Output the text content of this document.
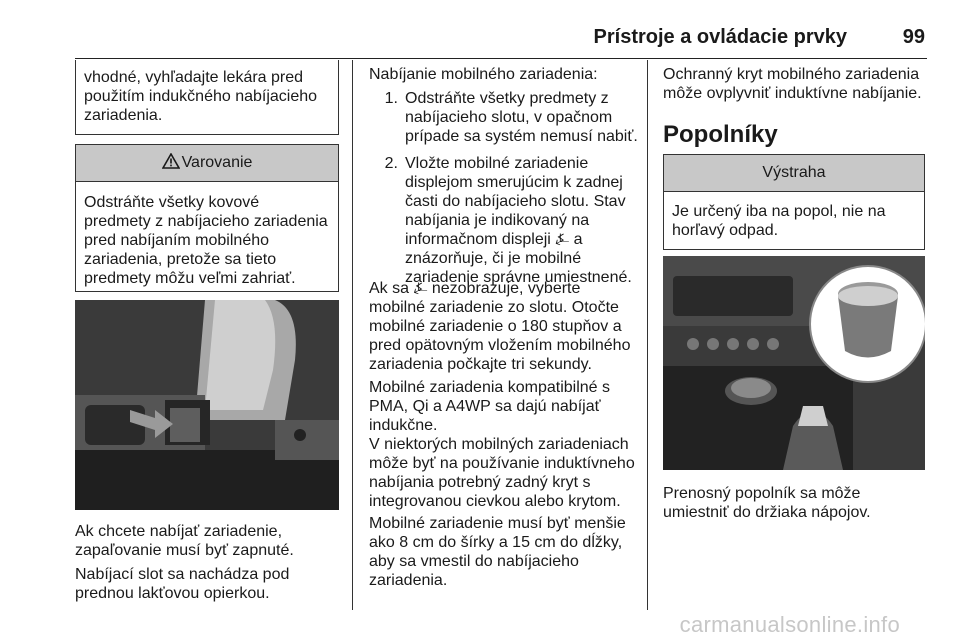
Prístroje a ovládacie prvky	99
vhodné, vyhľadajte lekára pred
použitím indukčného nabíjacieho
zariadenia.
Varovanie
Odstráňte všetky kovové
predmety z nabíjacieho zariadenia
pred nabíjaním mobilného
zariadenia, pretože sa tieto
predmety môžu veľmi zahriať.
Ak chcete nabíjať zariadenie,
zapaľovanie musí byť zapnuté.
Nabíjací slot sa nachádza pod
prednou lakťovou opierkou.
Nabíjanie mobilného zariadenia:
1. Odstráňte všetky predmety z
nabíjacieho slotu, v opačnom
prípade sa systém nemusí nabiť.
2. Vložte mobilné zariadenie
displejom smerujúcim k zadnej
časti do nabíjacieho slotu. Stav
nabíjania je indikovaný na
informačnom displeji ⍼ a
znázorňuje, či je mobilné
zariadenie správne umiestnené.
Ak sa ⍼ nezobrazuje, vyberte
mobilné zariadenie zo slotu. Otočte
mobilné zariadenie o 180 stupňov a
pred opätovným vložením mobilného
zariadenia počkajte tri sekundy.
Mobilné zariadenia kompatibilné s
PMA, Qi a A4WP sa dajú nabíjať
indukčne.
V niektorých mobilných zariadeniach
môže byť na používanie induktívneho
nabíjania potrebný zadný kryt s
integrovanou cievkou alebo krytom.
Mobilné zariadenie musí byť menšie
ako 8 cm do šírky a 15 cm do dĺžky,
aby sa vmestil do nabíjacieho
zariadenia.
Ochranný kryt mobilného zariadenia
môže ovplyvniť induktívne nabíjanie.
Popolníky
Výstraha
Je určený iba na popol, nie na
horľavý odpad.
Prenosný popolník sa môže
umiestniť do držiaka nápojov.
carmanualsonline.info
